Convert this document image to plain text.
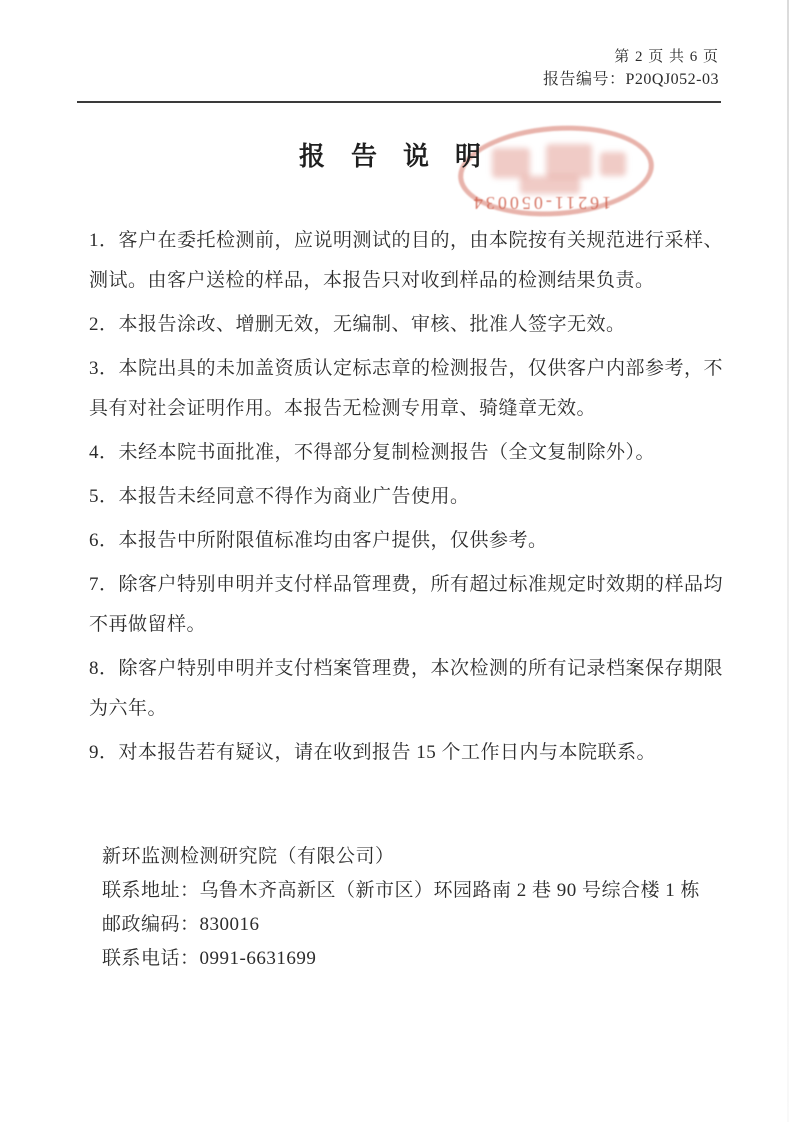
第 2 页 共 6 页
报告编号：P20QJ052-03
16211-050034
报告说明
1．客户在委托检测前，应说明测试的目的，由本院按有关规范进行采样、
测试。由客户送检的样品，本报告只对收到样品的检测结果负责。
2．本报告涂改、增删无效，无编制、审核、批准人签字无效。
3．本院出具的未加盖资质认定标志章的检测报告，仅供客户内部参考，不
具有对社会证明作用。本报告无检测专用章、骑缝章无效。
4．未经本院书面批准，不得部分复制检测报告（全文复制除外）。
5．本报告未经同意不得作为商业广告使用。
6．本报告中所附限值标准均由客户提供，仅供参考。
7．除客户特别申明并支付样品管理费，所有超过标准规定时效期的样品均
不再做留样。
8．除客户特别申明并支付档案管理费，本次检测的所有记录档案保存期限
为六年。
9．对本报告若有疑议，请在收到报告 15 个工作日内与本院联系。
新环监测检测研究院（有限公司）
联系地址：乌鲁木齐高新区（新市区）环园路南 2 巷 90 号综合楼 1 栋
邮政编码：830016
联系电话：0991-6631699
